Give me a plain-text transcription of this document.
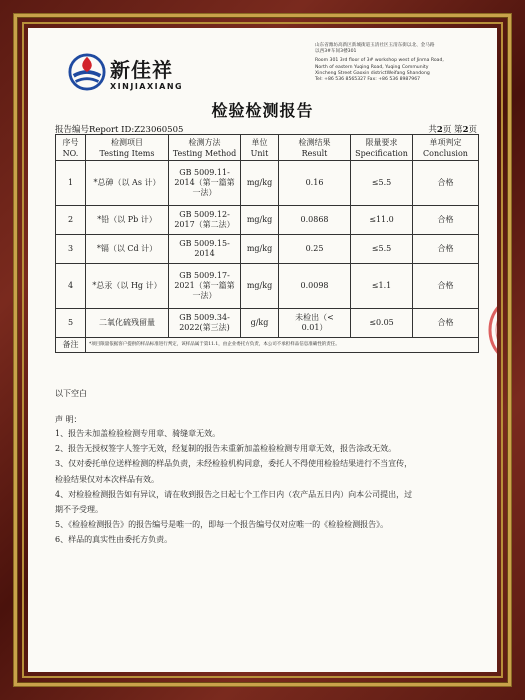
新佳祥
XINJIAXIANG
山东省潍坊高新区新城街道玉清社区玉清东街以北、金马路
以西3#车间3楼301
Room 301 3rd floor of 3# workshop west of Jinma Road,
North of eastern Yuqing Road, Yuqing Community
Xincheng Street Gaoxin districtWeifang Shandong
Tel: +86 536 8565327 Fax: +86 536 8987967
检验检测报告
报告编号Report ID:Z23060505	共2页 第2页
序号
NO.	检测项目
Testing Items	检测方法
Testing Method	单位
Unit	检测结果
Result	限量要求
Specification	单项判定
Conclusion
1	*总砷（以 As 计）	GB 5009.11-
2014（第一篇第
一法）	mg/kg	0.16	≤5.5	合格
2	*铅（以 Pb 计）	GB 5009.12-
2017（第二法）	mg/kg	0.0868	≤11.0	合格
3	*镉（以 Cd 计）	GB 5009.15-
2014	mg/kg	0.25	≤5.5	合格
4	*总汞（以 Hg 计）	GB 5009.17-
2021（第一篇第
一法）	mg/kg	0.0098	≤1.1	合格
5	二氧化硫残留量	GB 5009.34-
2022(第三法)	g/kg	未检出（<
0.01）	≤0.05	合格
备注	*项目限量依据客户提供的样品标准进行判定，该样品属于第11.1，由企业委托方负责，本公司不承担样品信息准确性的责任。					
以下空白
声 明：

1、报告未加盖检验检测专用章、骑缝章无效。

2、报告无授权签字人签字无效，经复制的报告未重新加盖检验检测专用章无效，报告涂改无效。

3、仅对委托单位送样检测的样品负责，未经检验机构同意，委托人不得使用检验结果进行不当宣传，

检验结果仅对本次样品有效。

4、对检验检测报告如有异议，请在收到报告之日起七个工作日内（农产品五日内）向本公司提出，过

期不予受理。

5、《检验检测报告》的报告编号是唯一的，即每一个报告编号仅对应唯一的《检验检测报告》。

6、样品的真实性由委托方负责。

检
验
章
